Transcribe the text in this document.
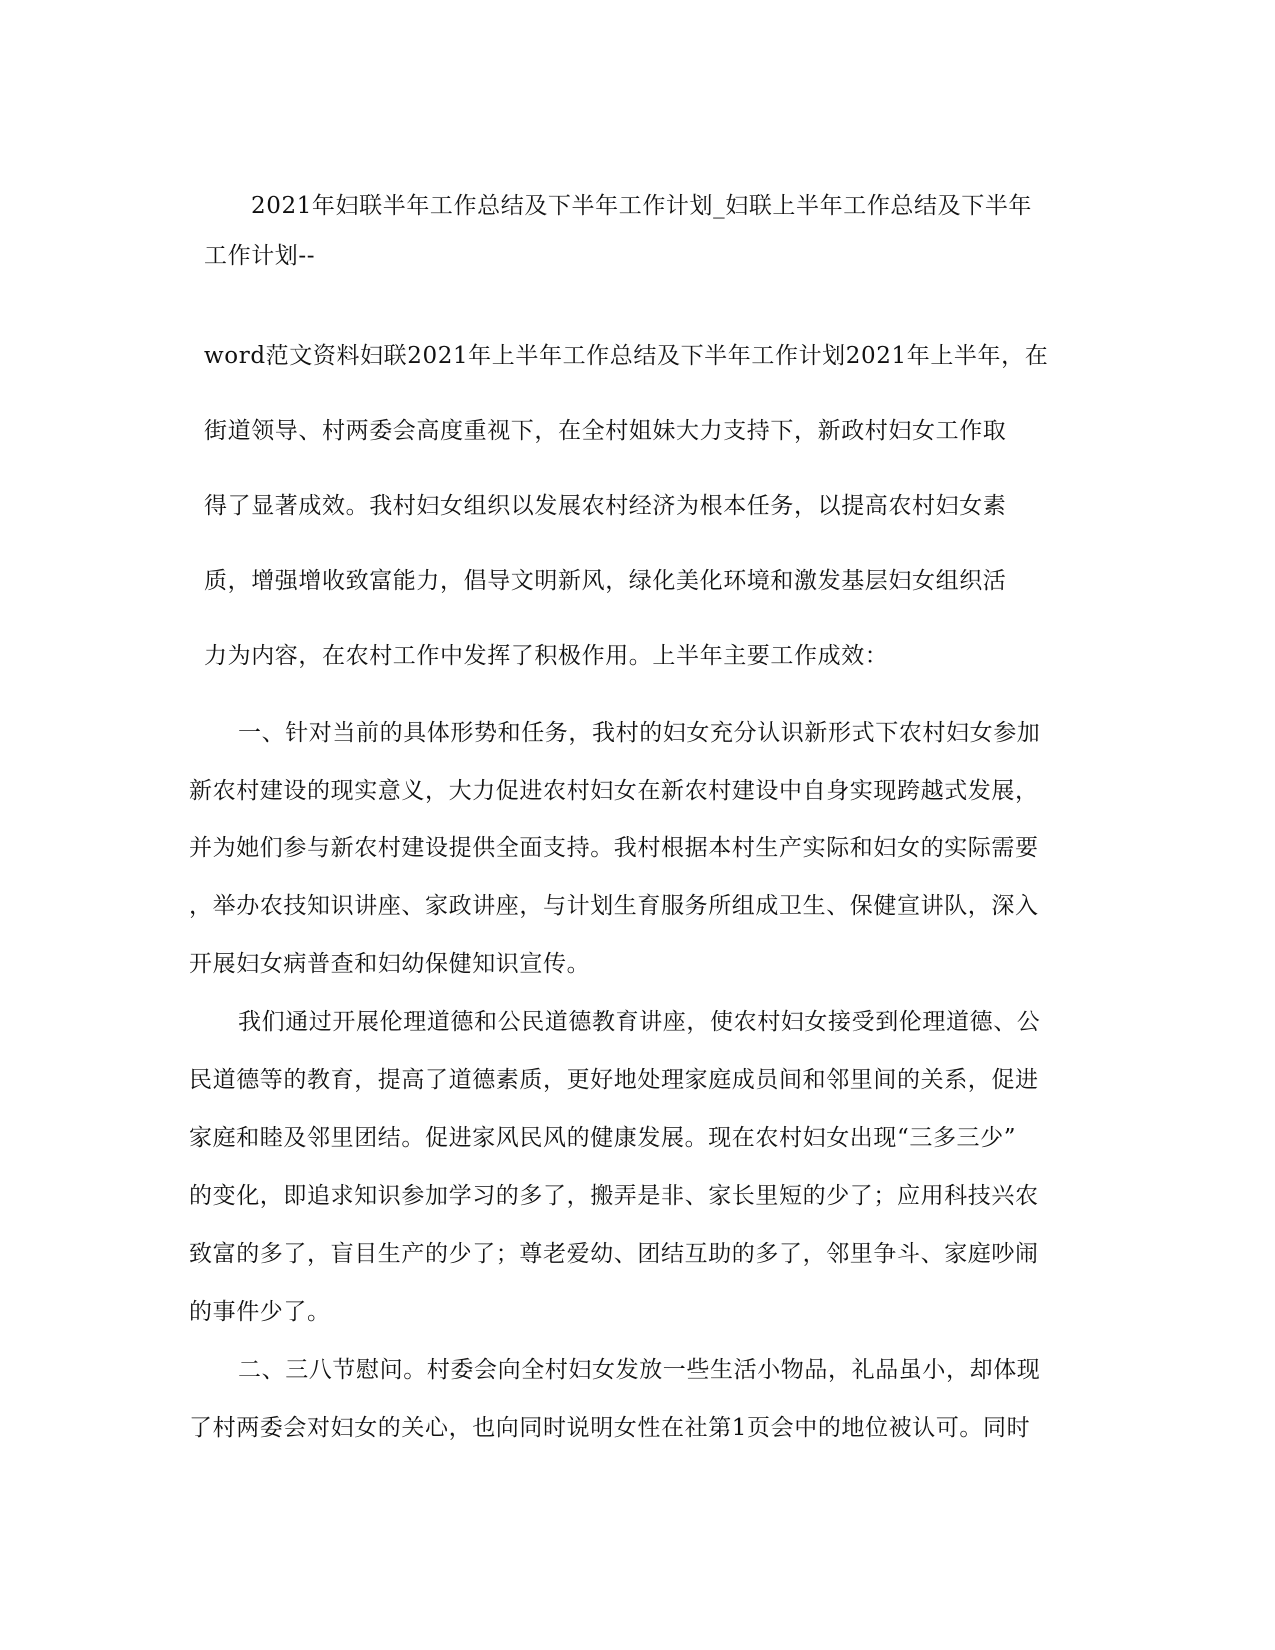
2021年妇联半年工作总结及下半年工作计划_妇联上半年工作总结及下半年
工作计划--
word范文资料妇联2021年上半年工作总结及下半年工作计划2021年上半年，在
街道领导、村两委会高度重视下，在全村姐妹大力支持下，新政村妇女工作取
得了显著成效。我村妇女组织以发展农村经济为根本任务，以提高农村妇女素
质，增强增收致富能力，倡导文明新风，绿化美化环境和激发基层妇女组织活
力为内容，在农村工作中发挥了积极作用。上半年主要工作成效：
一、针对当前的具体形势和任务，我村的妇女充分认识新形式下农村妇女参加
新农村建设的现实意义，大力促进农村妇女在新农村建设中自身实现跨越式发展，
并为她们参与新农村建设提供全面支持。我村根据本村生产实际和妇女的实际需要
，举办农技知识讲座、家政讲座，与计划生育服务所组成卫生、保健宣讲队，深入
开展妇女病普查和妇幼保健知识宣传。
我们通过开展伦理道德和公民道德教育讲座，使农村妇女接受到伦理道德、公
民道德等的教育，提高了道德素质，更好地处理家庭成员间和邻里间的关系，促进
家庭和睦及邻里团结。促进家风民风的健康发展。现在农村妇女出现“三多三少”
的变化，即追求知识参加学习的多了，搬弄是非、家长里短的少了；应用科技兴农
致富的多了，盲目生产的少了；尊老爱幼、团结互助的多了，邻里争斗、家庭吵闹
的事件少了。
二、三八节慰问。村委会向全村妇女发放一些生活小物品，礼品虽小，却体现
了村两委会对妇女的关心，也向同时说明女性在社第1页会中的地位被认可。同时
